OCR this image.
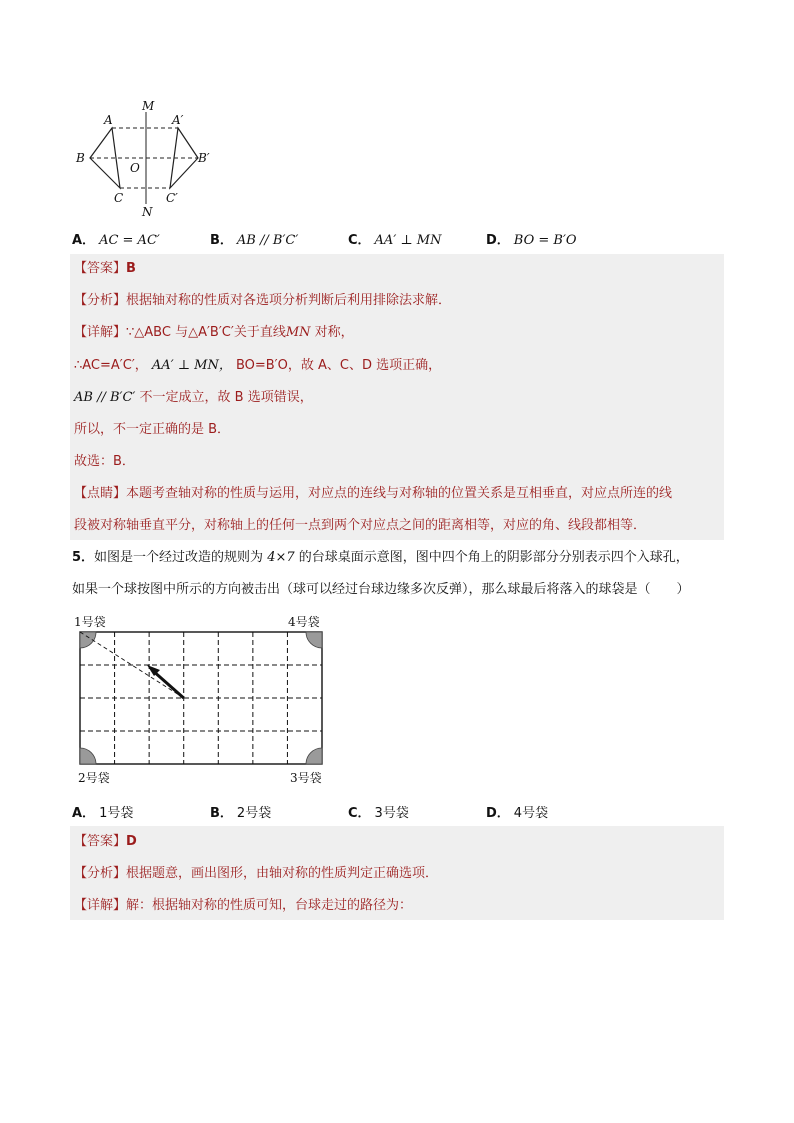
M
N
O
A	A′
B	B′
C	C′
A． AC = AC′	B． AB // B′C′	C． AA′ ⊥ MN	D． BO = B′O
【答案】B
【分析】根据轴对称的性质对各选项分析判断后利用排除法求解．
【详解】∵△ABC 与△A′B′C′关于直线MN 对称，
∴AC=A′C′， AA′ ⊥ MN， BO=B′O，故 A、C、D 选项正确，
AB // B′C′ 不一定成立，故 B 选项错误，
所以，不一定正确的是 B．
故选：B．
【点睛】本题考查轴对称的性质与运用，对应点的连线与对称轴的位置关系是互相垂直，对应点所连的线
段被对称轴垂直平分，对称轴上的任何一点到两个对应点之间的距离相等，对应的角、线段都相等．
5．如图是一个经过改造的规则为 4×7 的台球桌面示意图，图中四个角上的阴影部分分别表示四个入球孔，
如果一个球按图中所示的方向被击出（球可以经过台球边缘多次反弹），那么球最后将落入的球袋是（　　）
1号袋	4号袋
2号袋	3号袋
A． 1号袋	B． 2号袋	C． 3号袋	D． 4号袋
【答案】D
【分析】根据题意，画出图形，由轴对称的性质判定正确选项．
【详解】解：根据轴对称的性质可知，台球走过的路径为：
